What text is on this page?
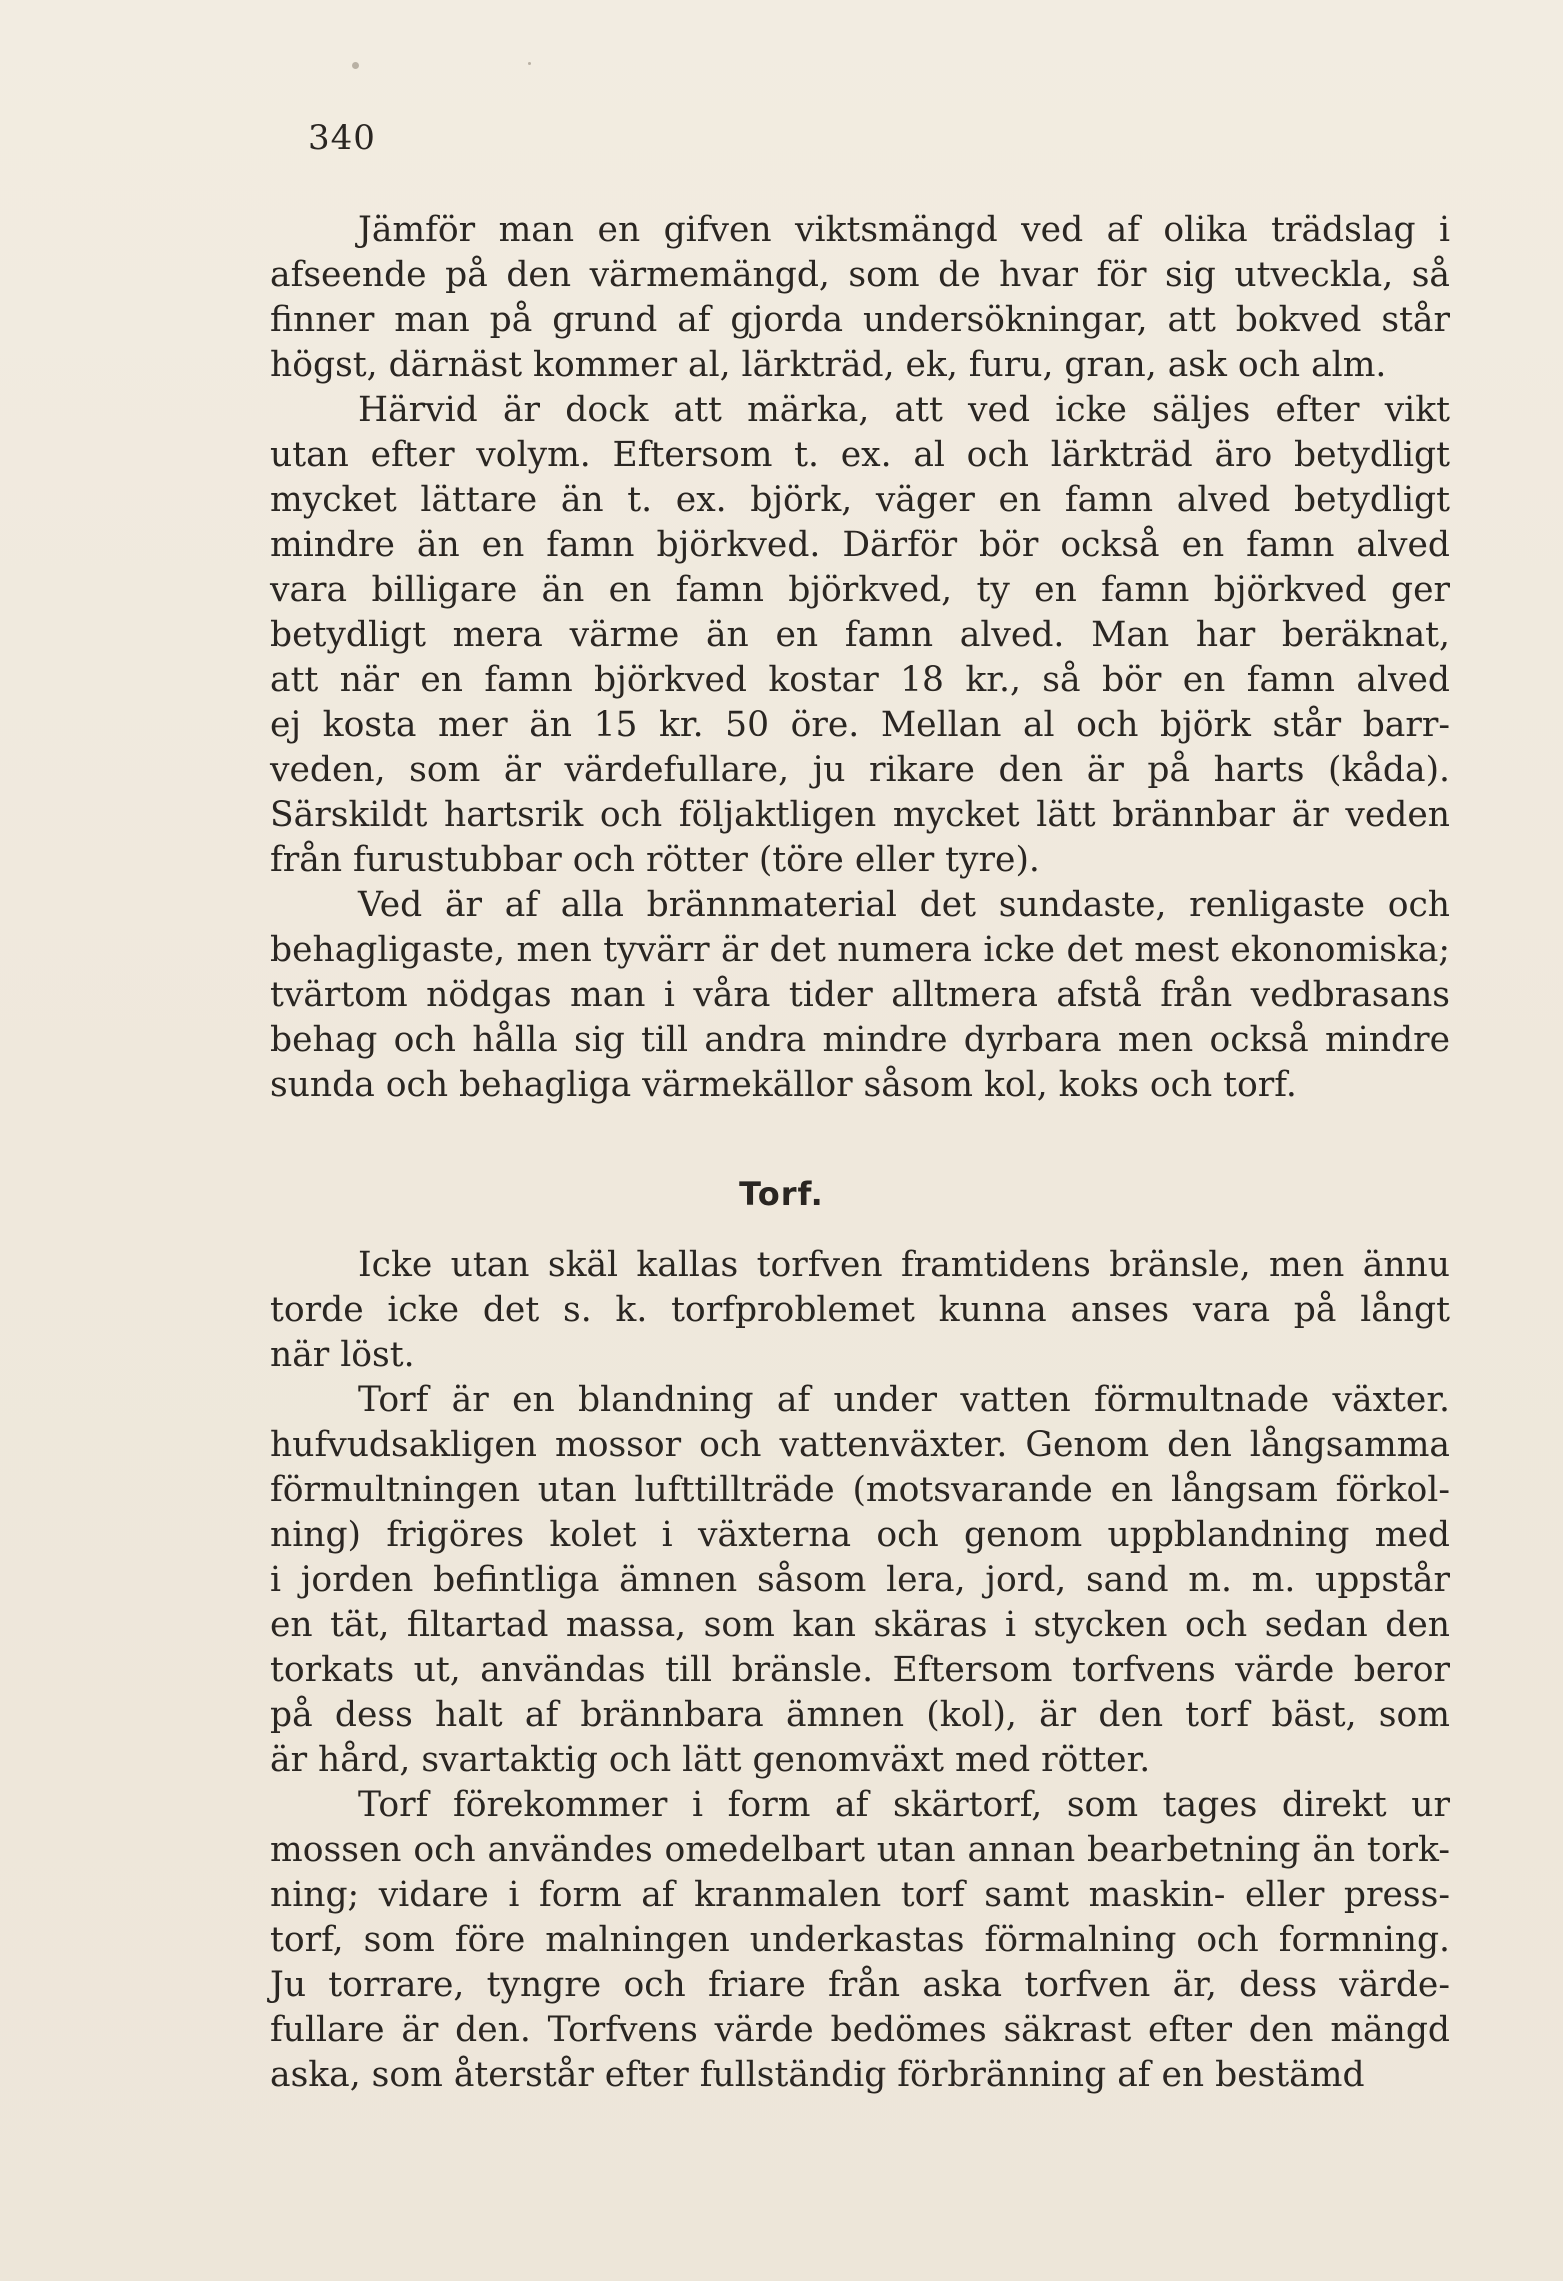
340

Jämför man en gifven viktsmängd ved af olika trädslag i
afseende på den värmemängd, som de hvar för sig utveckla, så
finner man på grund af gjorda undersökningar, att bokved står
högst, därnäst kommer al, lärkträd, ek, furu, gran, ask och alm.

Härvid är dock att märka, att ved icke säljes efter vikt
utan efter volym. Eftersom t. ex. al och lärkträd äro betydligt
mycket lättare än t. ex. björk, väger en famn alved betydligt
mindre än en famn björkved. Därför bör också en famn alved
vara billigare än en famn björkved, ty en famn björkved ger
betydligt mera värme än en famn alved. Man har beräknat,
att när en famn björkved kostar 18 kr., så bör en famn alved
ej kosta mer än 15 kr. 50 öre. Mellan al och björk står barr-
veden, som är värdefullare, ju rikare den är på harts (kåda).
Särskildt hartsrik och följaktligen mycket lätt brännbar är veden
från furustubbar och rötter (töre eller tyre).

Ved är af alla brännmaterial det sundaste, renligaste och
behagligaste, men tyvärr är det numera icke det mest ekonomiska;
tvärtom nödgas man i våra tider alltmera afstå från vedbrasans
behag och hålla sig till andra mindre dyrbara men också mindre
sunda och behagliga värmekällor såsom kol, koks och torf.

Torf.

Icke utan skäl kallas torfven framtidens bränsle, men ännu
torde icke det s. k. torfproblemet kunna anses vara på långt
när löst.

Torf är en blandning af under vatten förmultnade växter.
hufvudsakligen mossor och vattenväxter. Genom den långsamma
förmultningen utan lufttillträde (motsvarande en långsam förkol-
ning) frigöres kolet i växterna och genom uppblandning med
i jorden befintliga ämnen såsom lera, jord, sand m. m. uppstår
en tät, filtartad massa, som kan skäras i stycken och sedan den
torkats ut, användas till bränsle. Eftersom torfvens värde beror
på dess halt af brännbara ämnen (kol), är den torf bäst, som
är hård, svartaktig och lätt genomväxt med rötter.

Torf förekommer i form af skärtorf, som tages direkt ur
mossen och användes omedelbart utan annan bearbetning än tork-
ning; vidare i form af kranmalen torf samt maskin- eller press-
torf, som före malningen underkastas förmalning och formning.
Ju torrare, tyngre och friare från aska torfven är, dess värde-
fullare är den. Torfvens värde bedömes säkrast efter den mängd
aska, som återstår efter fullständig förbränning af en bestämd
